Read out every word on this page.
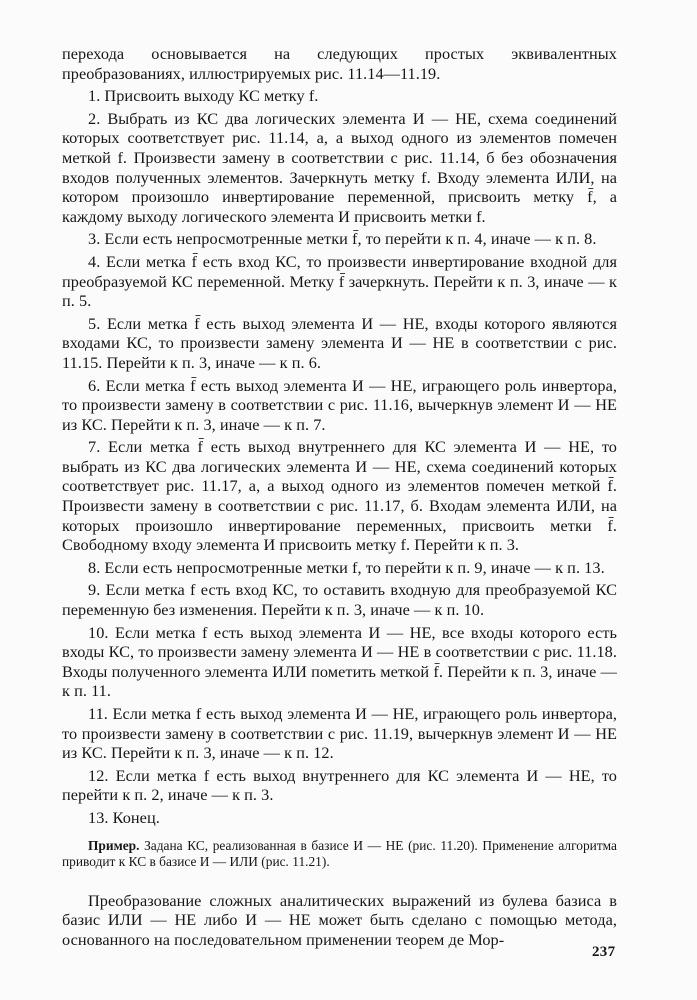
перехода основывается на следующих простых эквивалентных преобразованиях, иллюстрируемых рис. 11.14—11.19.

1. Присвоить выходу КС метку f.

2. Выбрать из КС два логических элемента И — НЕ, схема соединений которых соответствует рис. 11.14, а, а выход одного из элементов помечен меткой f. Произвести замену в соответствии с рис. 11.14, б без обозначения входов полученных элементов. Зачеркнуть метку f. Входу элемента ИЛИ, на котором произошло инвертирование переменной, присвоить метку f̄, а каждому выходу логического элемента И присвоить метки f.

3. Если есть непросмотренные метки f̄, то перейти к п. 4, иначе — к п. 8.

4. Если метка f̄ есть вход КС, то произвести инвертирование входной для преобразуемой КС переменной. Метку f̄ зачеркнуть. Перейти к п. 3, иначе — к п. 5.

5. Если метка f̄ есть выход элемента И — НЕ, входы которого являются входами КС, то произвести замену элемента И — НЕ в соответствии с рис. 11.15. Перейти к п. 3, иначе — к п. 6.

6. Если метка f̄ есть выход элемента И — НЕ, играющего роль инвертора, то произвести замену в соответствии с рис. 11.16, вычеркнув элемент И — НЕ из КС. Перейти к п. 3, иначе — к п. 7.

7. Если метка f̄ есть выход внутреннего для КС элемента И — НЕ, то выбрать из КС два логических элемента И — НЕ, схема соединений которых соответствует рис. 11.17, а, а выход одного из элементов помечен меткой f̄. Произвести замену в соответствии с рис. 11.17, б. Входам элемента ИЛИ, на которых произошло инвертирование переменных, присвоить метки f̄. Свободному входу элемента И присвоить метку f. Перейти к п. 3.

8. Если есть непросмотренные метки f, то перейти к п. 9, иначе — к п. 13.

9. Если метка f есть вход КС, то оставить входную для преобразуемой КС переменную без изменения. Перейти к п. 3, иначе — к п. 10.

10. Если метка f есть выход элемента И — НЕ, все входы которого есть входы КС, то произвести замену элемента И — НЕ в соответствии с рис. 11.18. Входы полученного элемента ИЛИ пометить меткой f̄. Перейти к п. 3, иначе — к п. 11.

11. Если метка f есть выход элемента И — НЕ, играющего роль инвертора, то произвести замену в соответствии с рис. 11.19, вычеркнув элемент И — НЕ из КС. Перейти к п. 3, иначе — к п. 12.

12. Если метка f есть выход внутреннего для КС элемента И — НЕ, то перейти к п. 2, иначе — к п. 3.

13. Конец.

Пример. Задана КС, реализованная в базисе И — НЕ (рис. 11.20). Применение алгоритма приводит к КС в базисе И — ИЛИ (рис. 11.21).

Преобразование сложных аналитических выражений из булева базиса в базис ИЛИ — НЕ либо И — НЕ может быть сделано с помощью метода, основанного на последовательном применении теорем де Мор-

237
